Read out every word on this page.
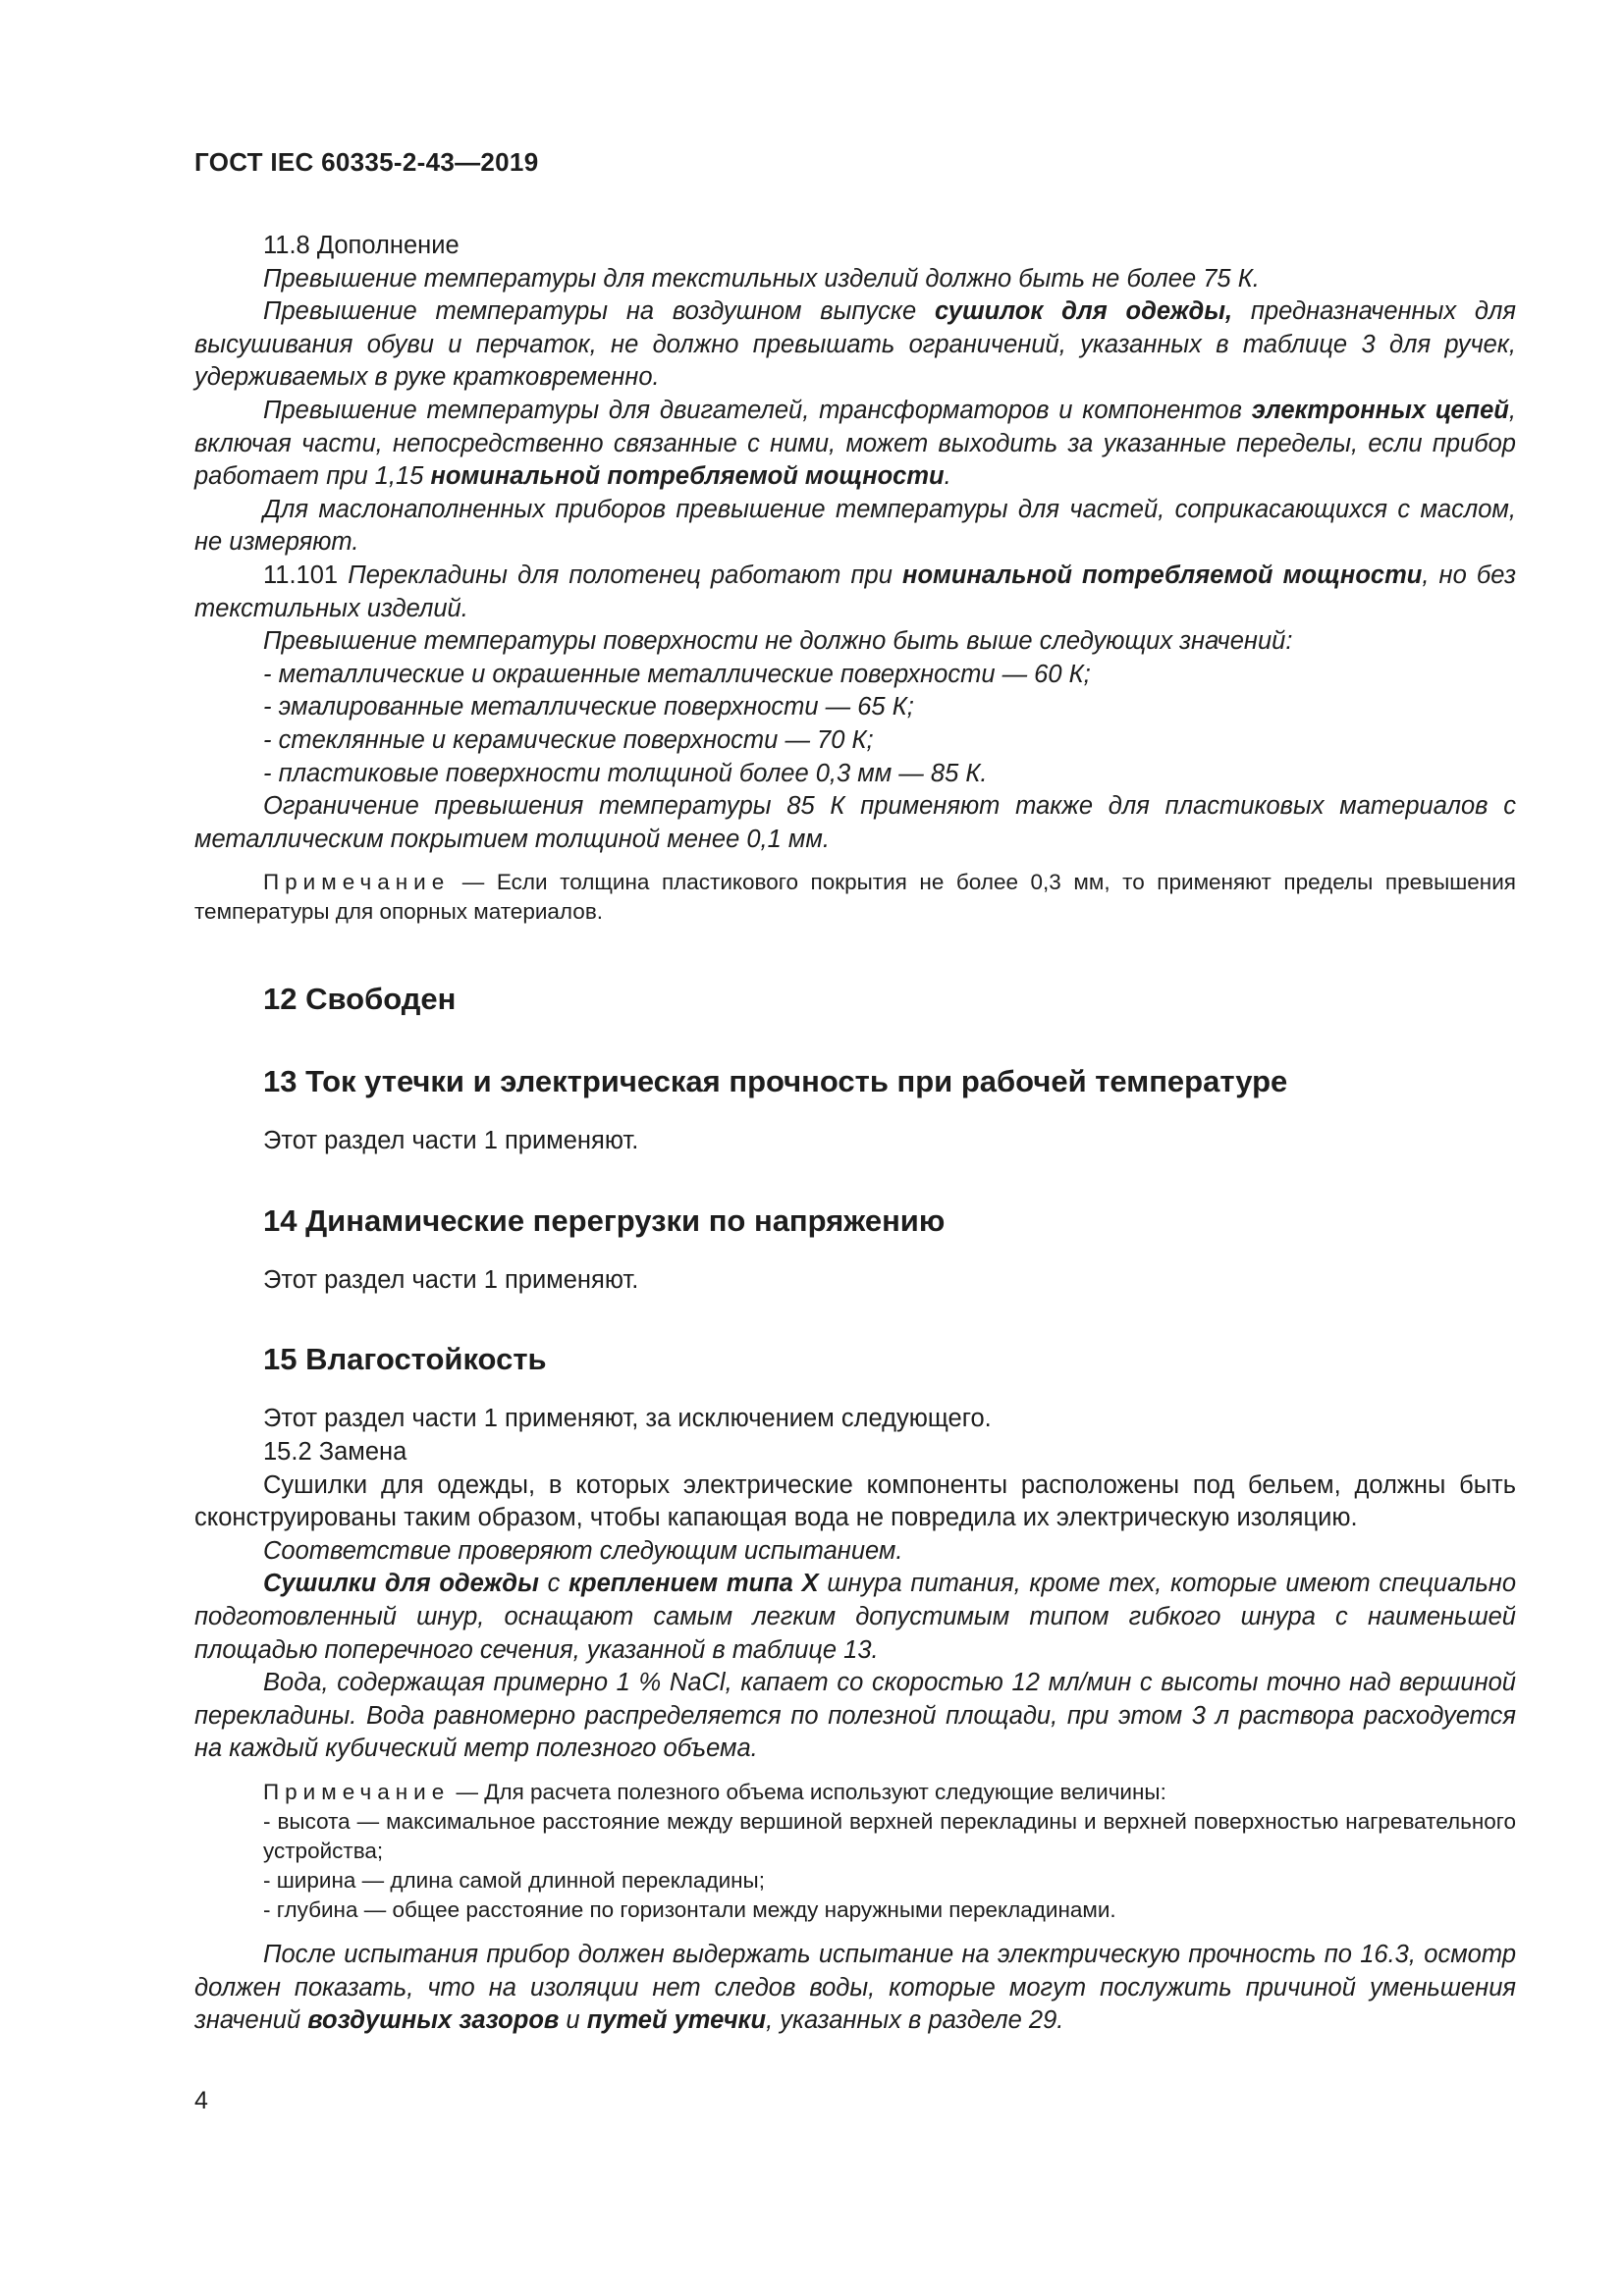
ГОСТ IEC 60335-2-43—2019

11.8 Дополнение

Превышение температуры для текстильных изделий должно быть не более 75 К.

Превышение температуры на воздушном выпуске сушилок для одежды, предназначенных для высушивания обуви и перчаток, не должно превышать ограничений, указанных в таблице 3 для ручек, удерживаемых в руке кратковременно.

Превышение температуры для двигателей, трансформаторов и компонентов электронных цепей, включая части, непосредственно связанные с ними, может выходить за указанные переделы, если прибор работает при 1,15 номинальной потребляемой мощности.

Для маслонаполненных приборов превышение температуры для частей, соприкасающихся с маслом, не измеряют.

11.101 Перекладины для полотенец работают при номинальной потребляемой мощности, но без текстильных изделий.

Превышение температуры поверхности не должно быть выше следующих значений:

- металлические и окрашенные металлические поверхности — 60 К;

- эмалированные металлические поверхности — 65 К;

- стеклянные и керамические поверхности — 70 К;

- пластиковые поверхности толщиной более 0,3 мм — 85 К.

Ограничение превышения температуры 85 К применяют также для пластиковых материалов с металлическим покрытием толщиной менее 0,1 мм.

Примечание — Если толщина пластикового покрытия не более 0,3 мм, то применяют пределы превышения температуры для опорных материалов.

12 Свободен
13 Ток утечки и электрическая прочность при рабочей температуре

Этот раздел части 1 применяют.

14 Динамические перегрузки по напряжению

Этот раздел части 1 применяют.

15 Влагостойкость

Этот раздел части 1 применяют, за исключением следующего.

15.2 Замена

Сушилки для одежды, в которых электрические компоненты расположены под бельем, должны быть сконструированы таким образом, чтобы капающая вода не повредила их электрическую изоляцию.

Соответствие проверяют следующим испытанием.

Сушилки для одежды с креплением типа X шнура питания, кроме тех, которые имеют специально подготовленный шнур, оснащают самым легким допустимым типом гибкого шнура с наименьшей площадью поперечного сечения, указанной в таблице 13.

Вода, содержащая примерно 1 % NaCl, капает со скоростью 12 мл/мин с высоты точно над вершиной перекладины. Вода равномерно распределяется по полезной площади, при этом 3 л раствора расходуется на каждый кубический метр полезного объема.

Примечание — Для расчета полезного объема используют следующие величины:

- высота — максимальное расстояние между вершиной верхней перекладины и верхней поверхностью нагревательного устройства;

- ширина — длина самой длинной перекладины;

- глубина — общее расстояние по горизонтали между наружными перекладинами.

После испытания прибор должен выдержать испытание на электрическую прочность по 16.3, осмотр должен показать, что на изоляции нет следов воды, которые могут послужить причиной уменьшения значений воздушных зазоров и путей утечки, указанных в разделе 29.

4
